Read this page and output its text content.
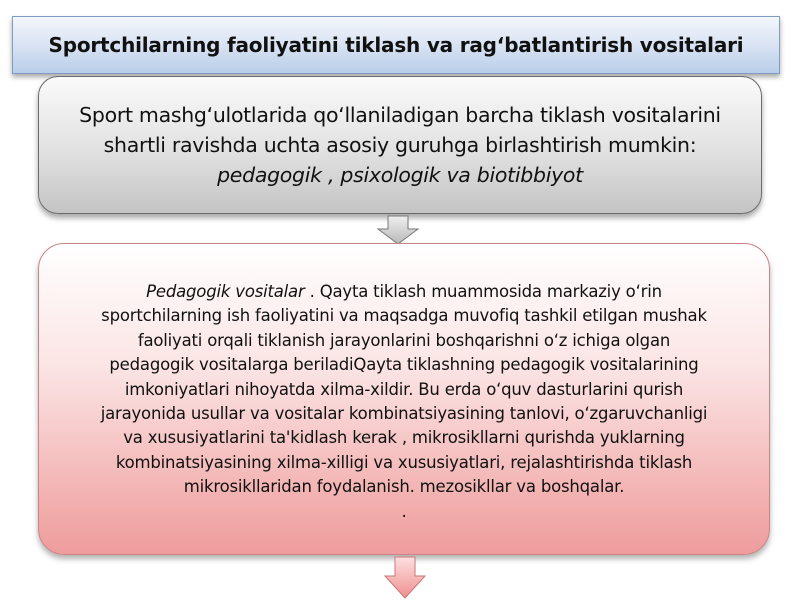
Sportchilarning faoliyatini tiklash va ragʻbatlantirish vositalari
Sport mashgʻulotlarida qoʻllaniladigan barcha tiklash vositalarini
shartli ravishda uchta asosiy guruhga birlashtirish mumkin:
pedagogik , psixologik va biotibbiyot
Pedagogik vositalar . Qayta tiklash muammosida markaziy o‘rin
sportchilarning ish faoliyatini va maqsadga muvofiq tashkil etilgan mushak
faoliyati orqali tiklanish jarayonlarini boshqarishni o‘z ichiga olgan
pedagogik vositalarga beriladiQayta tiklashning pedagogik vositalarining
imkoniyatlari nihoyatda xilma-xildir. Bu erda o‘quv dasturlarini qurish
jarayonida usullar va vositalar kombinatsiyasining tanlovi, o‘zgaruvchanligi
va xususiyatlarini ta'kidlash kerak , mikrosikllarni qurishda yuklarning
kombinatsiyasining xilma-xilligi va xususiyatlari, rejalashtirishda tiklash
mikrosikllaridan foydalanish. mezosikllar va boshqalar.
.
